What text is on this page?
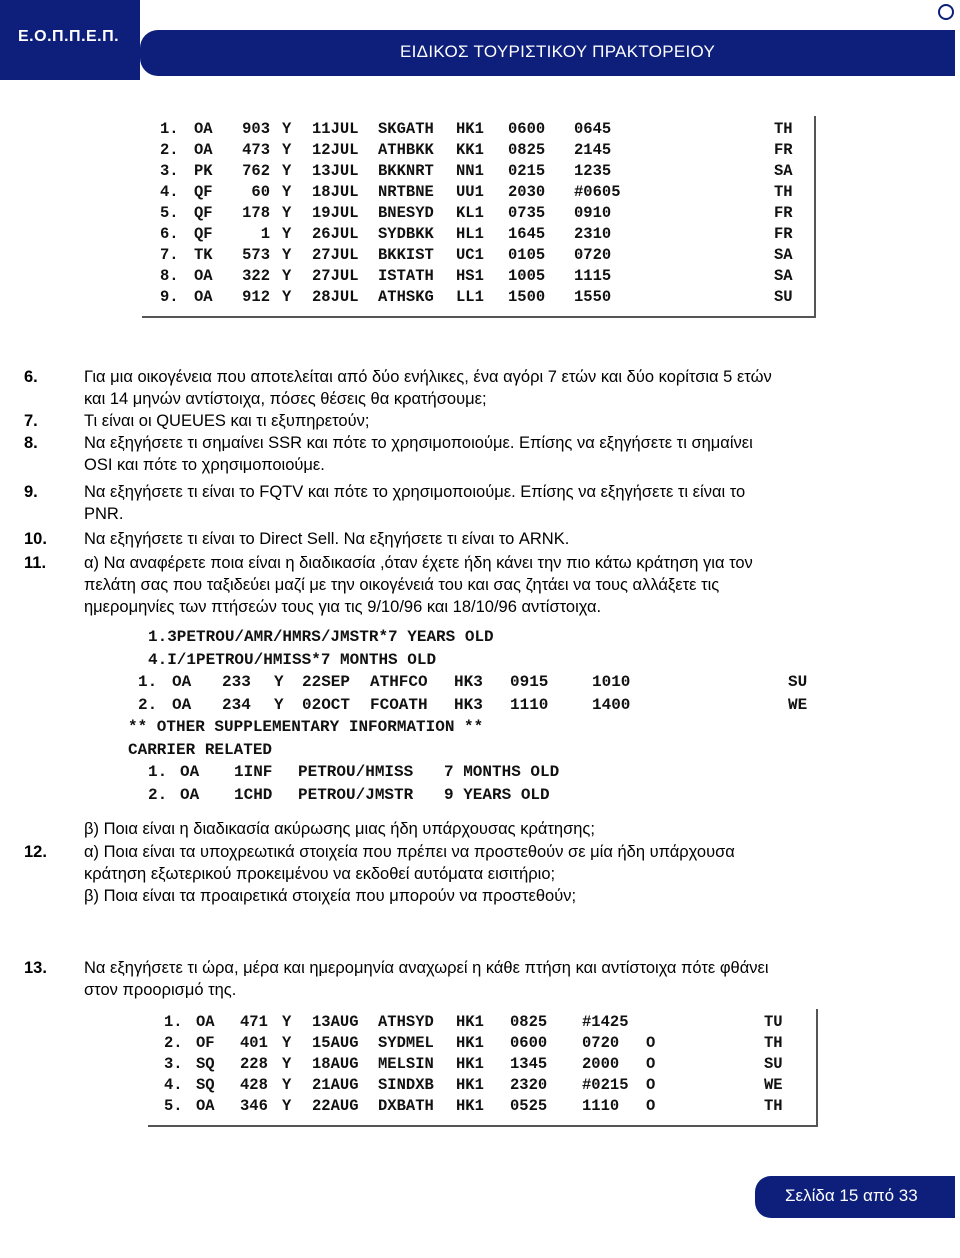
Ε.Ο.Π.Π.Ε.Π.
ΕΙΔΙΚΟΣ ΤΟΥΡΙΣΤΙΚΟΥ ΠΡΑΚΤΟΡΕΙΟΥ
1. OA 903 Y 11JUL SKGATH HK1 0600 0645	TH
2. OA 473 Y 12JUL ATHBKK KK1 0825 2145	FR
3. PK 762 Y 13JUL BKKNRT NN1 0215 1235	SA
4. QF	60 Y 18JUL NRTBNE UU1 2030 #0605	TH
5. QF 178 Y 19JUL BNESYD KL1 0735 0910	FR
6. QF	1 Y 26JUL SYDBKK HL1 1645 2310	FR
7. TK 573 Y 27JUL BKKIST UC1 0105 0720	SA
8. OA 322 Y 27JUL ISTATH HS1 1005 1115	SA
9. OA 912 Y 28JUL ATHSKG LL1 1500 1550	SU
6.	Για μια οικογένεια που αποτελείται από δύο ενήλικες, ένα αγόρι 7 ετών και δύο κορίτσια 5 ετών
και 14 μηνών αντίστοιχα, πόσες θέσεις θα κρατήσουμε;
7.	Τι είναι οι QUEUES και τι εξυπηρετούν;
8.	Να εξηγήσετε τι σημαίνει SSR και πότε το χρησιμοποιούμε. Επίσης να εξηγήσετε τι σημαίνει
OSI και πότε το χρησιμοποιούμε.
9.	Να εξηγήσετε τι είναι το FQTV και πότε το χρησιμοποιούμε. Επίσης να εξηγήσετε τι είναι το
PNR.
10. Να εξηγήσετε τι είναι το Direct Sell. Να εξηγήσετε τι είναι το ARNK.
11. α) Να αναφέρετε ποια είναι η διαδικασία ,όταν έχετε ήδη κάνει την πιο κάτω κράτηση για τον
πελάτη σας που ταξιδεύει μαζί με την οικογένειά του και σας ζητάει να τους αλλάξετε τις
ημερομηνίες των πτήσεών τους για τις 9/10/96 και 18/10/96 αντίστοιχα.
1.3PETROU/AMR/HMRS/JMSTR*7 YEARS OLD
4.I/1PETROU/HMISS*7 MONTHS OLD
1. OA 233 Y 22SEP ATHFCO HK3 0915	1010	SU
2. OA 234 Y 02OCT FCOATH HK3 1110	1400	WE
** OTHER SUPPLEMENTARY INFORMATION **
CARRIER RELATED
1. OA 1INF PETROU/HMISS 7 MONTHS OLD
2. OA 1CHD PETROU/JMSTR 9 YEARS OLD
β) Ποια είναι η διαδικασία ακύρωσης μιας ήδη υπάρχουσας κράτησης;
12. α) Ποια είναι τα υποχρεωτικά στοιχεία που πρέπει να προστεθούν σε μία ήδη υπάρχουσα
κράτηση εξωτερικού προκειμένου να εκδοθεί αυτόματα εισιτήριο;
β) Ποια είναι τα προαιρετικά στοιχεία που μπορούν να προστεθούν;
13. Να εξηγήσετε τι ώρα, μέρα και ημερομηνία αναχωρεί η κάθε πτήση και αντίστοιχα πότε φθάνει
στον προορισμό της.
1. OA 471 Y 13AUG ATHSYD HK1 0825 #1425	TU
2. OF 401 Y 15AUG SYDMEL HK1 0600 0720 O	TH
3. SQ 228 Y 18AUG MELSIN HK1 1345 2000 O	SU
4. SQ 428 Y 21AUG SINDXB HK1 2320 #0215 O	WE
5. OA 346 Y 22AUG DXBATH HK1 0525 1110 O	TH
Σελίδα 15 από 33
